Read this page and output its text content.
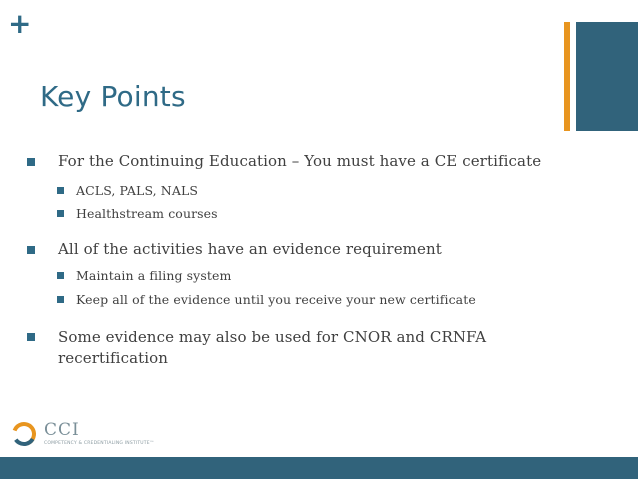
+
Key Points
For the Continuing Education – You must have a CE certificate
ACLS, PALS, NALS
Healthstream courses
All of the activities have an evidence requirement
Maintain a filing system
Keep all of the evidence until you receive your new certificate
Some evidence may also be used for CNOR and CRNFA recertification
CCI
COMPETENCY & CREDENTIALING INSTITUTE™
